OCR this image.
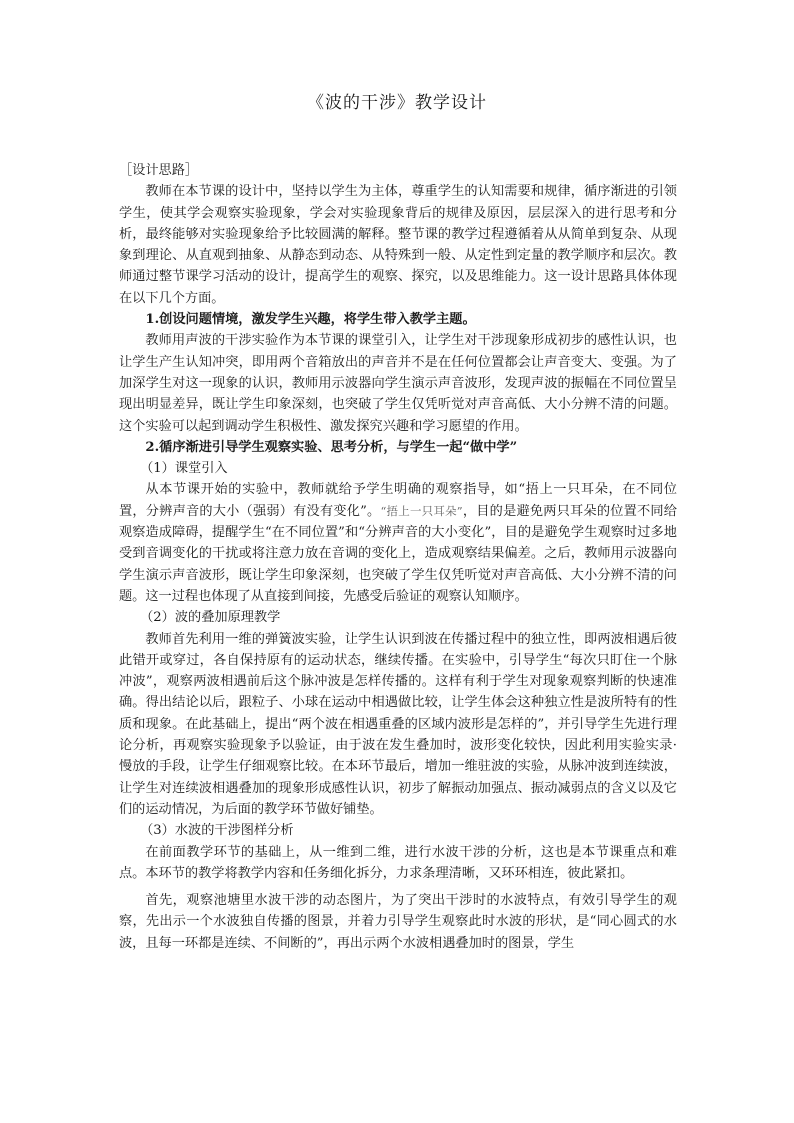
《波的干涉》教学设计

［设计思路］

教师在本节课的设计中，坚持以学生为主体，尊重学生的认知需要和规律，循序渐进的引领学生，使其学会观察实验现象，学会对实验现象背后的规律及原因，层层深入的进行思考和分析，最终能够对实验现象给予比较圆满的解释。整节课的教学过程遵循着从从简单到复杂、从现象到理论、从直观到抽象、从静态到动态、从特殊到一般、从定性到定量的教学顺序和层次。教师通过整节课学习活动的设计，提高学生的观察、探究，以及思维能力。这一设计思路具体体现在以下几个方面。

1.创设问题情境，激发学生兴趣，将学生带入教学主题。

教师用声波的干涉实验作为本节课的课堂引入，让学生对干涉现象形成初步的感性认识，也让学生产生认知冲突，即用两个音箱放出的声音并不是在任何位置都会让声音变大、变强。为了加深学生对这一现象的认识，教师用示波器向学生演示声音波形，发现声波的振幅在不同位置呈现出明显差异，既让学生印象深刻，也突破了学生仅凭听觉对声音高低、大小分辨不清的问题。这个实验可以起到调动学生积极性、激发探究兴趣和学习愿望的作用。

2.循序渐进引导学生观察实验、思考分析，与学生一起“做中学”

（1）课堂引入

从本节课开始的实验中，教师就给予学生明确的观察指导，如“捂上一只耳朵，在不同位置，分辨声音的大小（强弱）有没有变化”。“捂上一只耳朵”，目的是避免两只耳朵的位置不同给观察造成障碍，提醒学生“在不同位置”和“分辨声音的大小变化”，目的是避免学生观察时过多地受到音调变化的干扰或将注意力放在音调的变化上，造成观察结果偏差。之后，教师用示波器向学生演示声音波形，既让学生印象深刻，也突破了学生仅凭听觉对声音高低、大小分辨不清的问题。这一过程也体现了从直接到间接，先感受后验证的观察认知顺序。

（2）波的叠加原理教学

教师首先利用一维的弹簧波实验，让学生认识到波在传播过程中的独立性，即两波相遇后彼此错开或穿过，各自保持原有的运动状态，继续传播。在实验中，引导学生“每次只盯住一个脉冲波”，观察两波相遇前后这个脉冲波是怎样传播的。这样有利于学生对现象观察判断的快速准确。得出结论以后，跟粒子、小球在运动中相遇做比较，让学生体会这种独立性是波所特有的性质和现象。在此基础上，提出“两个波在相遇重叠的区域内波形是怎样的”，并引导学生先进行理论分析，再观察实验现象予以验证，由于波在发生叠加时，波形变化较快，因此利用实验实录·慢放的手段，让学生仔细观察比较。在本环节最后，增加一维驻波的实验，从脉冲波到连续波，让学生对连续波相遇叠加的现象形成感性认识，初步了解振动加强点、振动减弱点的含义以及它们的运动情况，为后面的教学环节做好铺垫。

（3）水波的干涉图样分析

在前面教学环节的基础上，从一维到二维，进行水波干涉的分析，这也是本节课重点和难点。本环节的教学将教学内容和任务细化拆分，力求条理清晰，又环环相连，彼此紧扣。

首先，观察池塘里水波干涉的动态图片，为了突出干涉时的水波特点，有效引导学生的观察，先出示一个水波独自传播的图景，并着力引导学生观察此时水波的形状，是“同心圆式的水波，且每一环都是连续、不间断的”，再出示两个水波相遇叠加时的图景，学生
